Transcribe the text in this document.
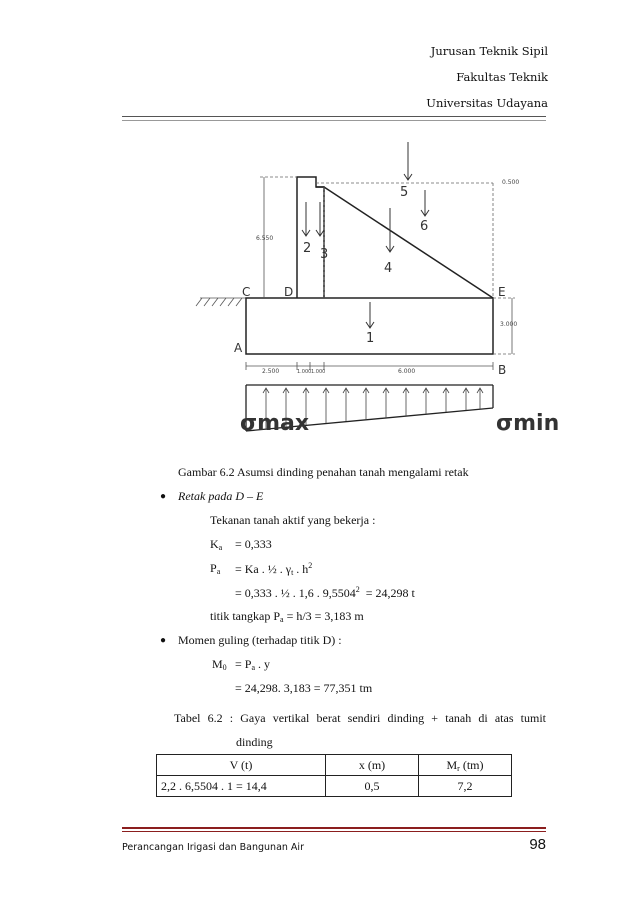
Jurusan Teknik Sipil
Fakultas Teknik
Universitas Udayana
6.550
3.000
0.500
2.500	1.000 1.000	6.000
C	D	E
A
B
2 3
4
5
6
1
σmax	σmin
Gambar 6.2 Asumsi dinding penahan tanah mengalami retak
● Retak pada D – E
Tekanan tanah aktif yang bekerja :
$K_a = 0,333$
$P_a = Ka$ . ½ . $\gamma_t$ . $h^2$
= 0,333 . ½ . 1,6 . $9,5504^2 = 24,298$ t
titik tangkap $P_a = h/3 = 3,183$ m
● Momen guling (terhadap titik D) :
$M_0 = P_a$ . y
= 24,298. 3,183 = 77,351 tm
Tabel 6.2 : Gaya vertikal berat sendiri dinding + tanah di atas tumit
dinding
V (t)	x (m)	$M_r$ (tm)
2,2 . 6,5504 . 1 = 14,4	0,5	7,2
Perancangan Irigasi dan Bangunan Air	98
